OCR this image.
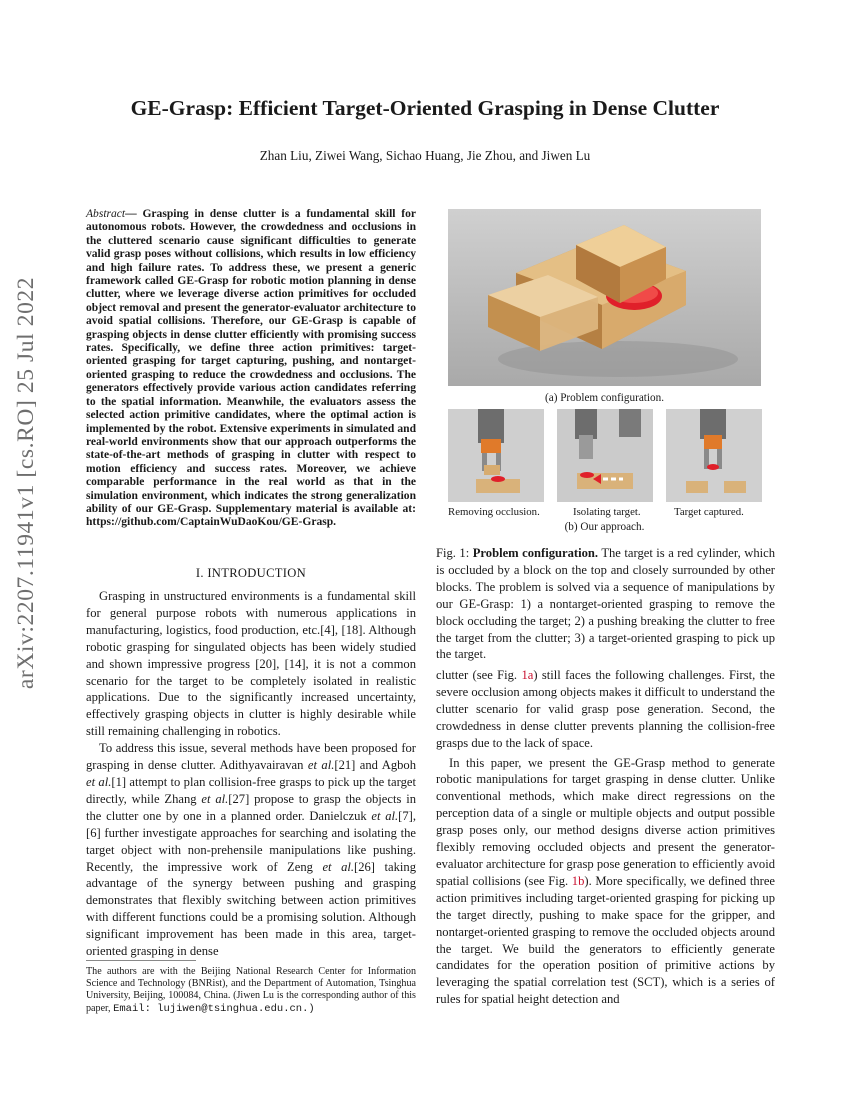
arXiv:2207.11941v1 [cs.RO] 25 Jul 2022
GE-Grasp: Efficient Target-Oriented Grasping in Dense Clutter
Zhan Liu, Ziwei Wang, Sichao Huang, Jie Zhou, and Jiwen Lu
Abstract— Grasping in dense clutter is a fundamental skill for autonomous robots. However, the crowdedness and occlusions in the cluttered scenario cause significant difficulties to generate valid grasp poses without collisions, which results in low efficiency and high failure rates. To address these, we present a generic framework called GE-Grasp for robotic motion planning in dense clutter, where we leverage diverse action primitives for occluded object removal and present the generator-evaluator architecture to avoid spatial collisions. Therefore, our GE-Grasp is capable of grasping objects in dense clutter efficiently with promising success rates. Specifically, we define three action primitives: target-oriented grasping for target capturing, pushing, and nontarget-oriented grasping to reduce the crowdedness and occlusions. The generators effectively provide various action candidates referring to the spatial information. Meanwhile, the evaluators assess the selected action primitive candidates, where the optimal action is implemented by the robot. Extensive experiments in simulated and real-world environments show that our approach outperforms the state-of-the-art methods of grasping in clutter with respect to motion efficiency and success rates. Moreover, we achieve comparable performance in the real world as that in the simulation environment, which indicates the strong generalization ability of our GE-Grasp. Supplementary material is available at: https://github.com/CaptainWuDaoKou/GE-Grasp.
I. INTRODUCTION

Grasping in unstructured environments is a fundamental skill for general purpose robots with numerous applications in manufacturing, logistics, food production, etc.[4], [18]. Although robotic grasping for singulated objects has been widely studied and shown impressive progress [20], [14], it is not a common scenario for the target to be completely isolated in realistic applications. Due to the significantly increased uncertainty, effectively grasping objects in clutter is highly desirable while still remaining challenging in robotics.

To address this issue, several methods have been proposed for grasping in dense clutter. Adithyavairavan et al.[21] and Agboh et al.[1] attempt to plan collision-free grasps to pick up the target directly, while Zhang et al.[27] propose to grasp the objects in the clutter one by one in a planned order. Danielczuk et al.[7], [6] further investigate approaches for searching and isolating the target object with non-prehensile manipulations like pushing. Recently, the impressive work of Zeng et al.[26] taking advantage of the synergy between pushing and grasping demonstrates that flexibly switching between action primitives with different functions could be a promising solution. Although significant improvement has been made in this area, target-oriented grasping in dense

The authors are with the Beijing National Research Center for Information Science and Technology (BNRist), and the Department of Automation, Tsinghua University, Beijing, 100084, China. (Jiwen Lu is the corresponding author of this paper, Email: lujiwen@tsinghua.edu.cn.)
(a) Problem configuration.
Removing occlusion.	Isolating target.	Target captured.
(b) Our approach.
Fig. 1: Problem configuration. The target is a red cylinder, which is occluded by a block on the top and closely surrounded by other blocks. The problem is solved via a sequence of manipulations by our GE-Grasp: 1) a nontarget-oriented grasping to remove the block occluding the target; 2) a pushing breaking the clutter to free the target from the clutter; 3) a target-oriented grasping to pick up the target.

clutter (see Fig. 1a) still faces the following challenges. First, the severe occlusion among objects makes it difficult to understand the clutter scenario for valid grasp pose generation. Second, the crowdedness in dense clutter prevents planning the collision-free grasps due to the lack of space.

In this paper, we present the GE-Grasp method to generate robotic manipulations for target grasping in dense clutter. Unlike conventional methods, which make direct regressions on the perception data of a single or multiple objects and output possible grasp poses only, our method designs diverse action primitives flexibly removing occluded objects and present the generator-evaluator architecture for grasp pose generation to efficiently avoid spatial collisions (see Fig. 1b). More specifically, we defined three action primitives including target-oriented grasping for picking up the target directly, pushing to make space for the gripper, and nontarget-oriented grasping to remove the occluded objects around the target. We build the generators to efficiently generate candidates for the operation position of primitive actions by leveraging the spatial correlation test (SCT), which is a series of rules for spatial height detection and
